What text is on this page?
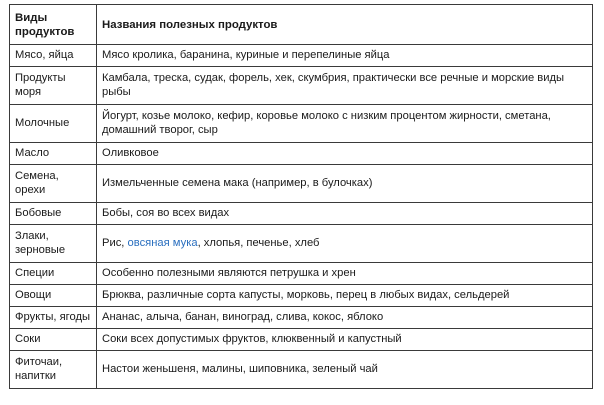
Виды продуктов	Названия полезных продуктов
Мясо, яйца	Мясо кролика, баранина, куриные и перепелиные яйца
Продукты моря	Камбала, треска, судак, форель, хек, скумбрия, практически все речные и морские виды рыбы
Молочные	Йогурт, козье молоко, кефир, коровье молоко с низким процентом жирности, сметана, домашний творог, сыр
Масло	Оливковое
Семена, орехи	Измельченные семена мака (например, в булочках)
Бобовые	Бобы, соя во всех видах
Злаки, зерновые	Рис, овсяная мука, хлопья, печенье, хлеб
Специи	Особенно полезными являются петрушка и хрен
Овощи	Брюква, различные сорта капусты, морковь, перец в любых видах, сельдерей
Фрукты, ягоды	Ананас, алыча, банан, виноград, слива, кокос, яблоко
Соки	Соки всех допустимых фруктов, клюквенный и капустный
Фиточаи, напитки	Настои женьшеня, малины, шиповника, зеленый чай
